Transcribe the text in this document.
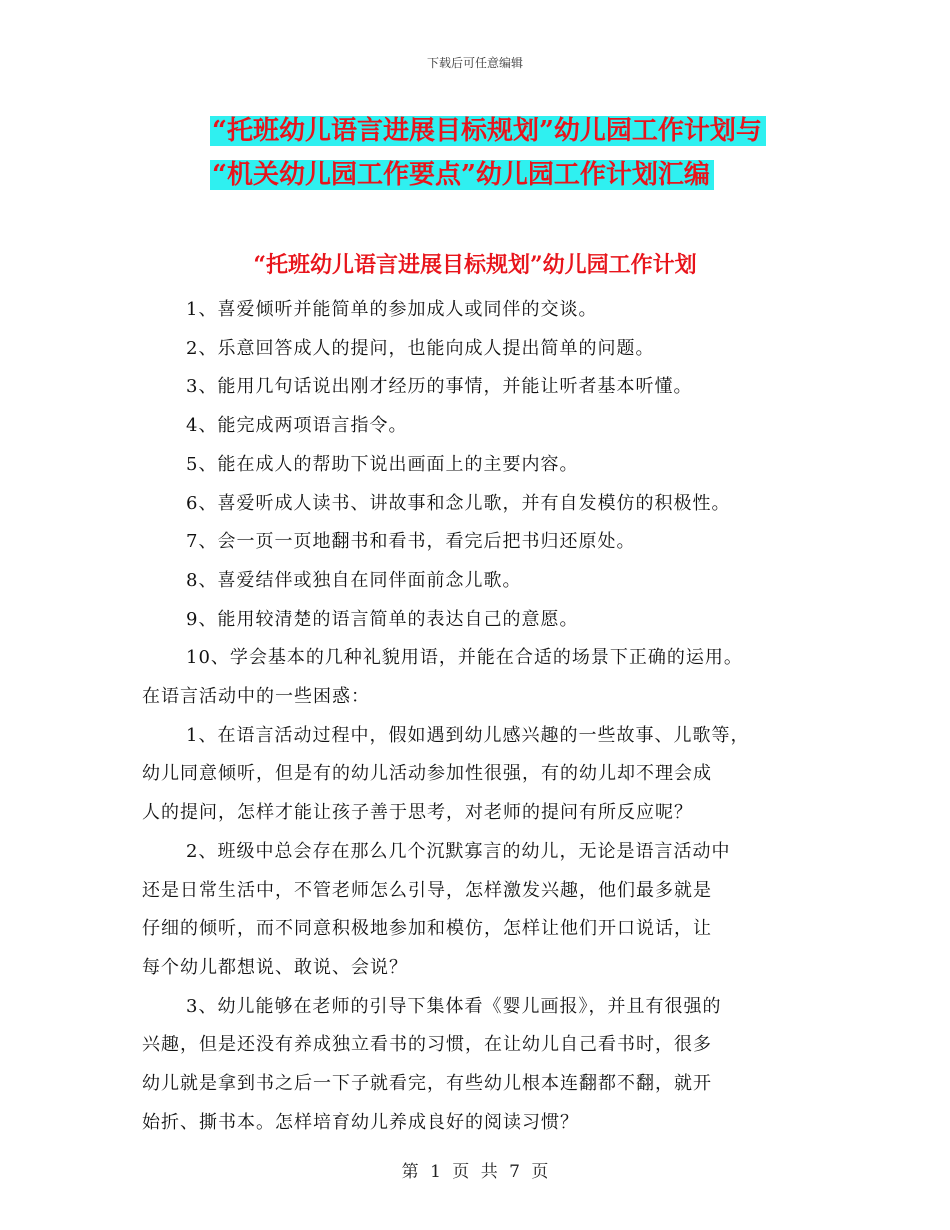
下载后可任意编辑
“托班幼儿语言进展目标规划”幼儿园工作计划与
“机关幼儿园工作要点”幼儿园工作计划汇编
“托班幼儿语言进展目标规划”幼儿园工作计划

1、喜爱倾听并能简单的参加成人或同伴的交谈。

2、乐意回答成人的提问，也能向成人提出简单的问题。

3、能用几句话说出刚才经历的事情，并能让听者基本听懂。

4、能完成两项语言指令。

5、能在成人的帮助下说出画面上的主要内容。

6、喜爱听成人读书、讲故事和念儿歌，并有自发模仿的积极性。

7、会一页一页地翻书和看书，看完后把书归还原处。

8、喜爱结伴或独自在同伴面前念儿歌。

9、能用较清楚的语言简单的表达自己的意愿。

10、学会基本的几种礼貌用语，并能在合适的场景下正确的运用。

在语言活动中的一些困惑：

1、在语言活动过程中，假如遇到幼儿感兴趣的一些故事、儿歌等，

幼儿同意倾听，但是有的幼儿活动参加性很强，有的幼儿却不理会成

人的提问，怎样才能让孩子善于思考，对老师的提问有所反应呢？

2、班级中总会存在那么几个沉默寡言的幼儿，无论是语言活动中

还是日常生活中，不管老师怎么引导，怎样激发兴趣，他们最多就是

仔细的倾听，而不同意积极地参加和模仿，怎样让他们开口说话，让

每个幼儿都想说、敢说、会说？

3、幼儿能够在老师的引导下集体看《婴儿画报》，并且有很强的

兴趣，但是还没有养成独立看书的习惯，在让幼儿自己看书时，很多

幼儿就是拿到书之后一下子就看完，有些幼儿根本连翻都不翻，就开

始折、撕书本。怎样培育幼儿养成良好的阅读习惯？

第 1 页 共 7 页
